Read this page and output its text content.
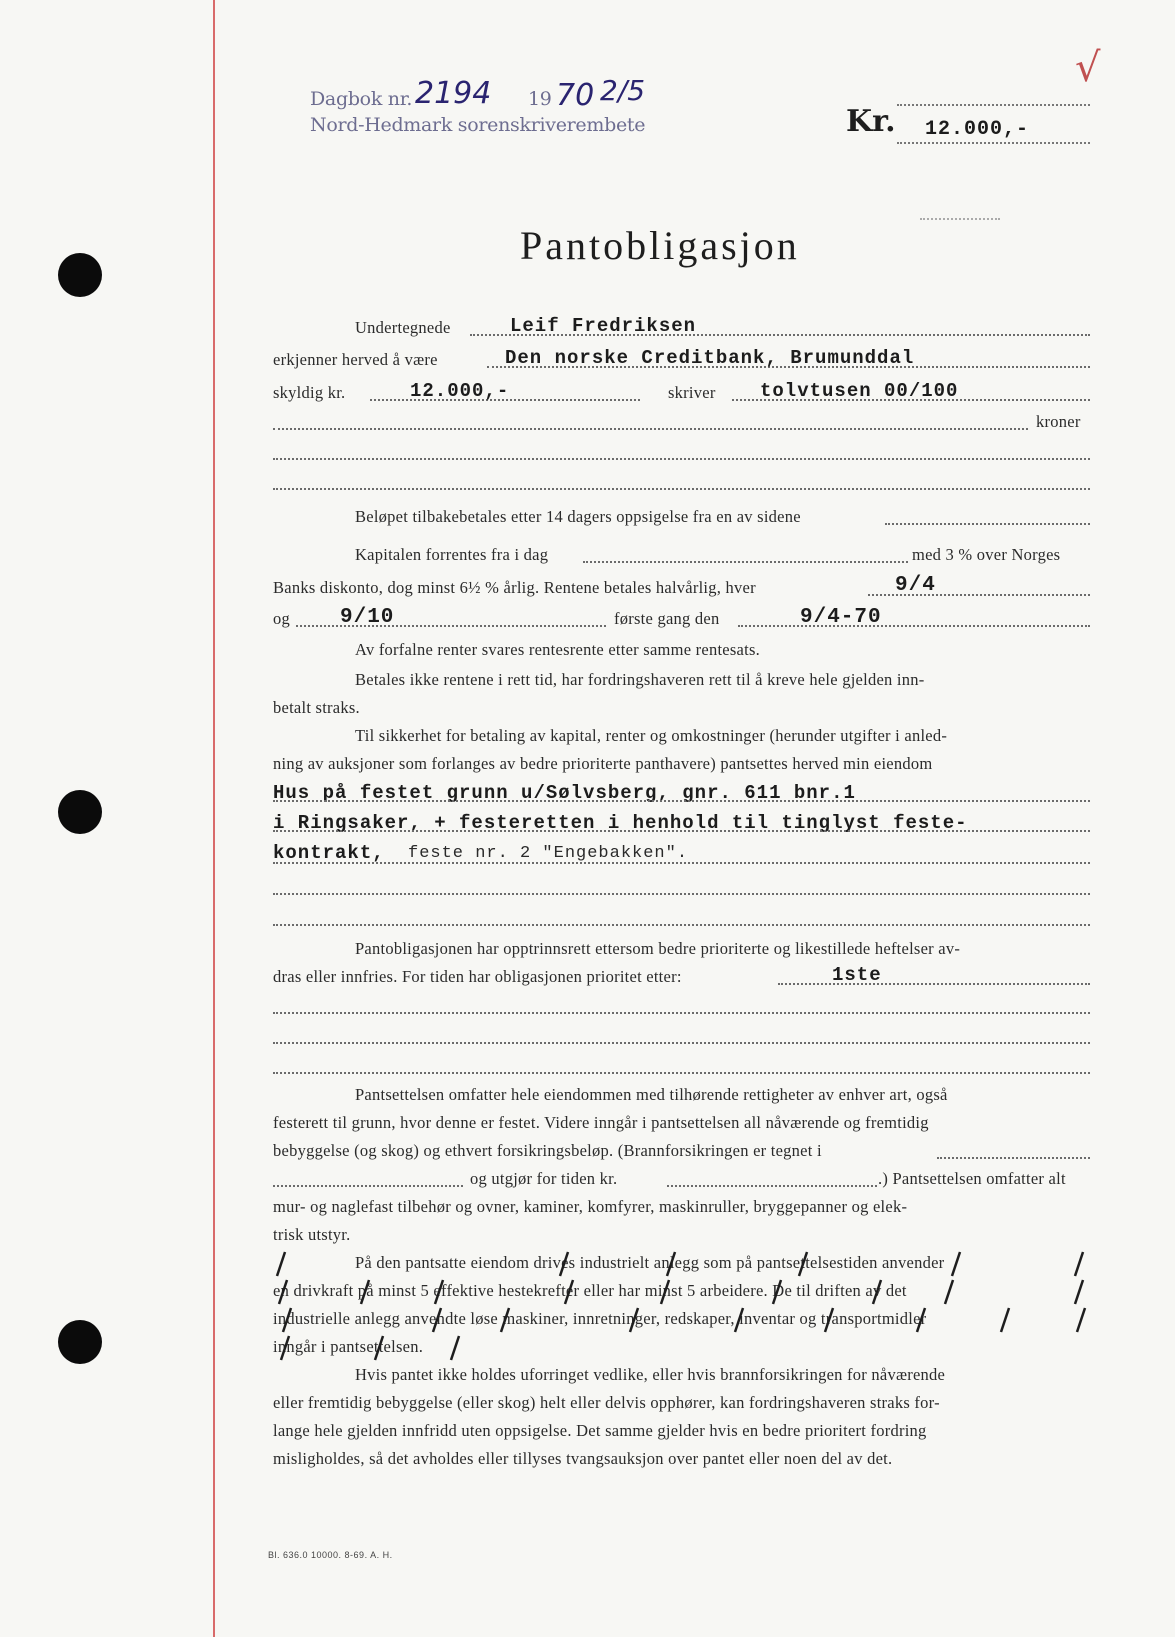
Dagbok nr. 2194 19 70 2/5
Nord-Hedmark sorenskriverembete
√
Kr. 12.000,-
Pantobligasjon
Undertegnede	Leif Fredriksen
erkjenner herved å være	Den norske Creditbank, Brumunddal
skyldig kr.	12.000,-	skriver tolvtusen 00/100
kroner
Beløpet tilbakebetales etter 14 dagers oppsigelse fra en av sidene
Kapitalen forrentes fra i dag	med 3 % over Norges
Banks diskonto, dog minst 6½ % årlig. Rentene betales halvårlig, hver	9/4
og 9/10	første gang den	9/4-70
Av forfalne renter svares rentesrente etter samme rentesats.
Betales ikke rentene i rett tid, har fordringshaveren rett til å kreve hele gjelden inn-
betalt straks.
Til sikkerhet for betaling av kapital, renter og omkostninger (herunder utgifter i anled-
ning av auksjoner som forlanges av bedre prioriterte panthavere) pantsettes herved min eiendom
Hus på festet grunn u/Sølvsberg, gnr. 611 bnr.1
i Ringsaker, + festeretten i henhold til tinglyst feste-
kontrakt, feste nr. 2 "Engebakken".
Pantobligasjonen har opptrinnsrett ettersom bedre prioriterte og likestillede heftelser av-
dras eller innfries. For tiden har obligasjonen prioritet etter:	1ste
Pantsettelsen omfatter hele eiendommen med tilhørende rettigheter av enhver art, også
festerett til grunn, hvor denne er festet. Videre inngår i pantsettelsen all nåværende og fremtidig
bebyggelse (og skog) og ethvert forsikringsbeløp. (Brannforsikringen er tegnet i
og utgjør for tiden kr.	.) Pantsettelsen omfatter alt
mur- og naglefast tilbehør og ovner, kaminer, komfyrer, maskinruller, bryggepanner og elek-
trisk utstyr.
På den pantsatte eiendom drives industrielt anlegg som på pantsettelsestiden anvender
en drivkraft på minst 5 effektive hestekrefter eller har minst 5 arbeidere. De til driften av det
industrielle anlegg anvendte løse maskiner, innretninger, redskaper, inventar og transportmidler
inngår i pantsettelsen.
Hvis pantet ikke holdes uforringet vedlike, eller hvis brannforsikringen for nåværende
eller fremtidig bebyggelse (eller skog) helt eller delvis opphører, kan fordringshaveren straks for-
lange hele gjelden innfridd uten oppsigelse. Det samme gjelder hvis en bedre prioritert fordring
misligholdes, så det avholdes eller tillyses tvangsauksjon over pantet eller noen del av det.
Bl. 636.0 10000. 8-69. A. H.
